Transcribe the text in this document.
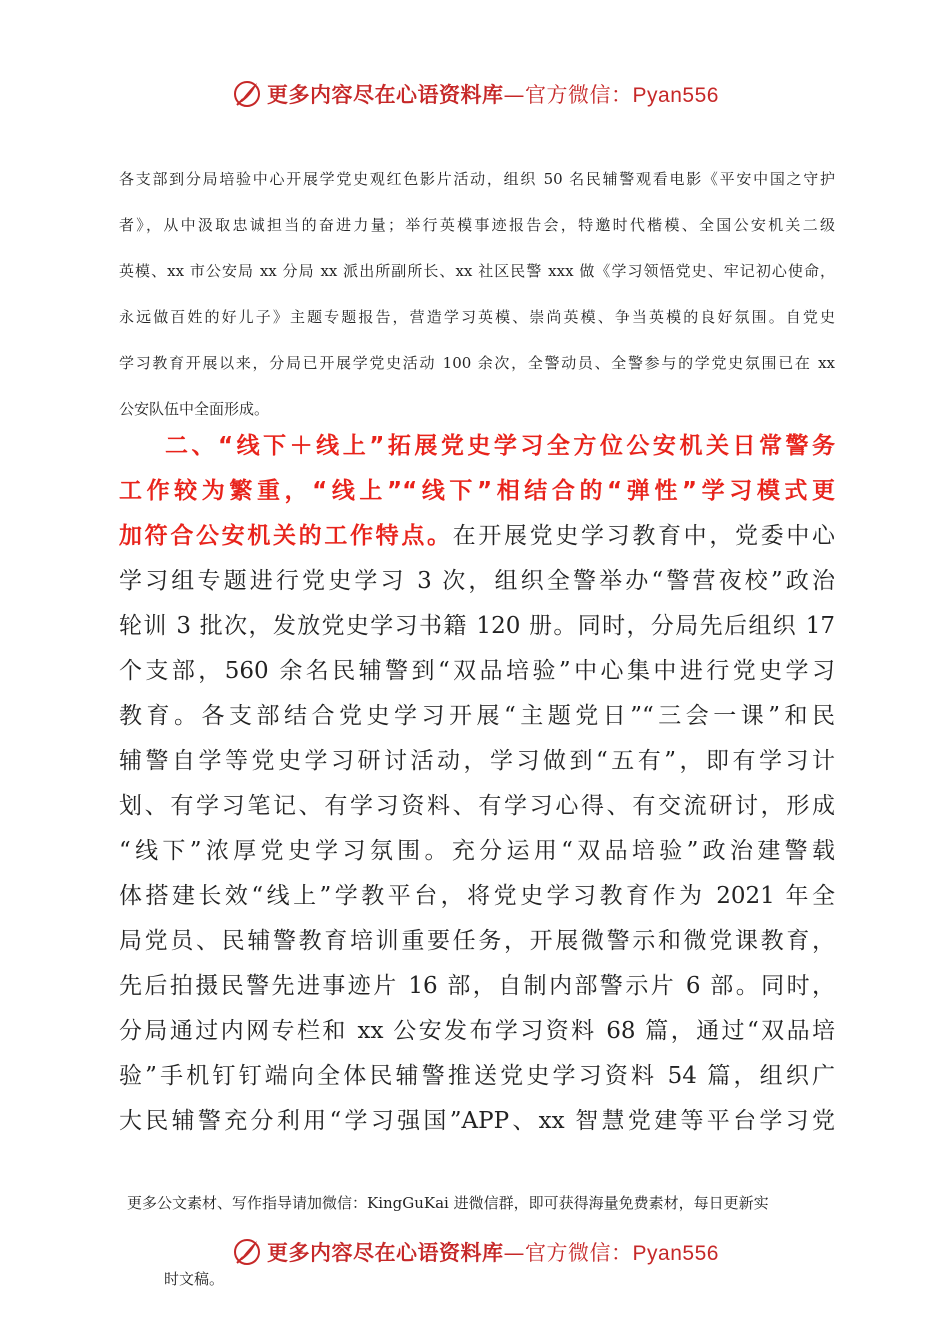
更多内容尽在心语资料库—官方微信：Pyan556
各支部到分局培验中心开展学党史观红色影片活动，组织 50 名民辅警观看电影《平安中国之守护
者》，从中汲取忠诚担当的奋进力量；举行英模事迹报告会，特邀时代楷模、全国公安机关二级
英模、xx 市公安局 xx 分局 xx 派出所副所长、xx 社区民警 xxx 做《学习领悟党史、牢记初心使命，
永远做百姓的好儿子》主题专题报告，营造学习英模、崇尚英模、争当英模的良好氛围。自党史
学习教育开展以来，分局已开展学党史活动 100 余次，全警动员、全警参与的学党史氛围已在 xx
公安队伍中全面形成。
二、“线下＋线上”拓展党史学习全方位公安机关日常警务
工作较为繁重，“线上”“线下”相结合的“弹性”学习模式更
加符合公安机关的工作特点。在开展党史学习教育中，党委中心
学习组专题进行党史学习 3 次，组织全警举办“警营夜校”政治
轮训 3 批次，发放党史学习书籍 120 册。同时，分局先后组织 17
个支部，560 余名民辅警到“双品培验”中心集中进行党史学习
教育。各支部结合党史学习开展“主题党日”“三会一课”和民
辅警自学等党史学习研讨活动，学习做到“五有”，即有学习计
划、有学习笔记、有学习资料、有学习心得、有交流研讨，形成
“线下”浓厚党史学习氛围。充分运用“双品培验”政治建警载
体搭建长效“线上”学教平台，将党史学习教育作为 2021 年全
局党员、民辅警教育培训重要任务，开展微警示和微党课教育，
先后拍摄民警先进事迹片 16 部，自制内部警示片 6 部。同时，
分局通过内网专栏和 xx 公安发布学习资料 68 篇，通过“双品培
验”手机钉钉端向全体民辅警推送党史学习资料 54 篇，组织广
大民辅警充分利用“学习强国”APP、xx 智慧党建等平台学习党
更多公文素材、写作指导请加微信：KingGuKai 进微信群，即可获得海量免费素材，每日更新实
更多内容尽在心语资料库—官方微信：Pyan556
时文稿。
